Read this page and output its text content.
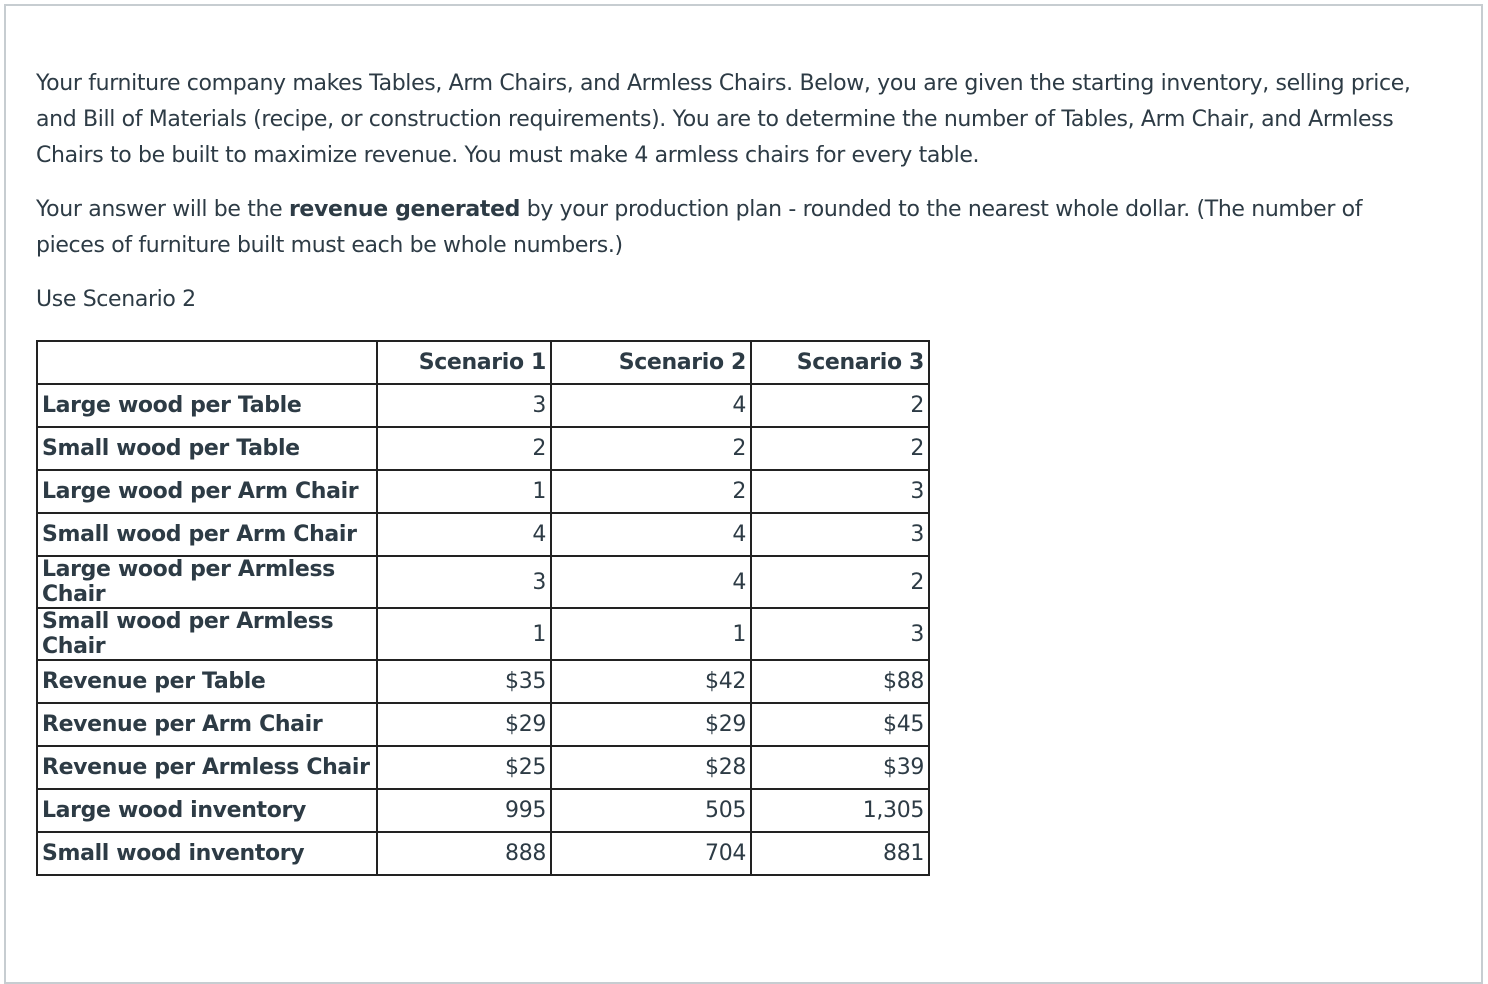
Your furniture company makes Tables, Arm Chairs, and Armless Chairs. Below, you are given the starting inventory, selling price, and Bill of Materials (recipe, or construction requirements). You are to determine the number of Tables, Arm Chair, and Armless Chairs to be built to maximize revenue. You must make 4 armless chairs for every table.

Your answer will be the revenue generated by your production plan - rounded to the nearest whole dollar. (The number of pieces of furniture built must each be whole numbers.)

Use Scenario 2

	Scenario 1	Scenario 2	Scenario 3
Large wood per Table	3	4	2
Small wood per Table	2	2	2
Large wood per Arm Chair	1	2	3
Small wood per Arm Chair	4	4	3
Large wood per Armless Chair	3	4	2
Small wood per Armless Chair	1	1	3
Revenue per Table	$35	$42	$88
Revenue per Arm Chair	$29	$29	$45
Revenue per Armless Chair	$25	$28	$39
Large wood inventory	995	505	1,305
Small wood inventory	888	704	881
